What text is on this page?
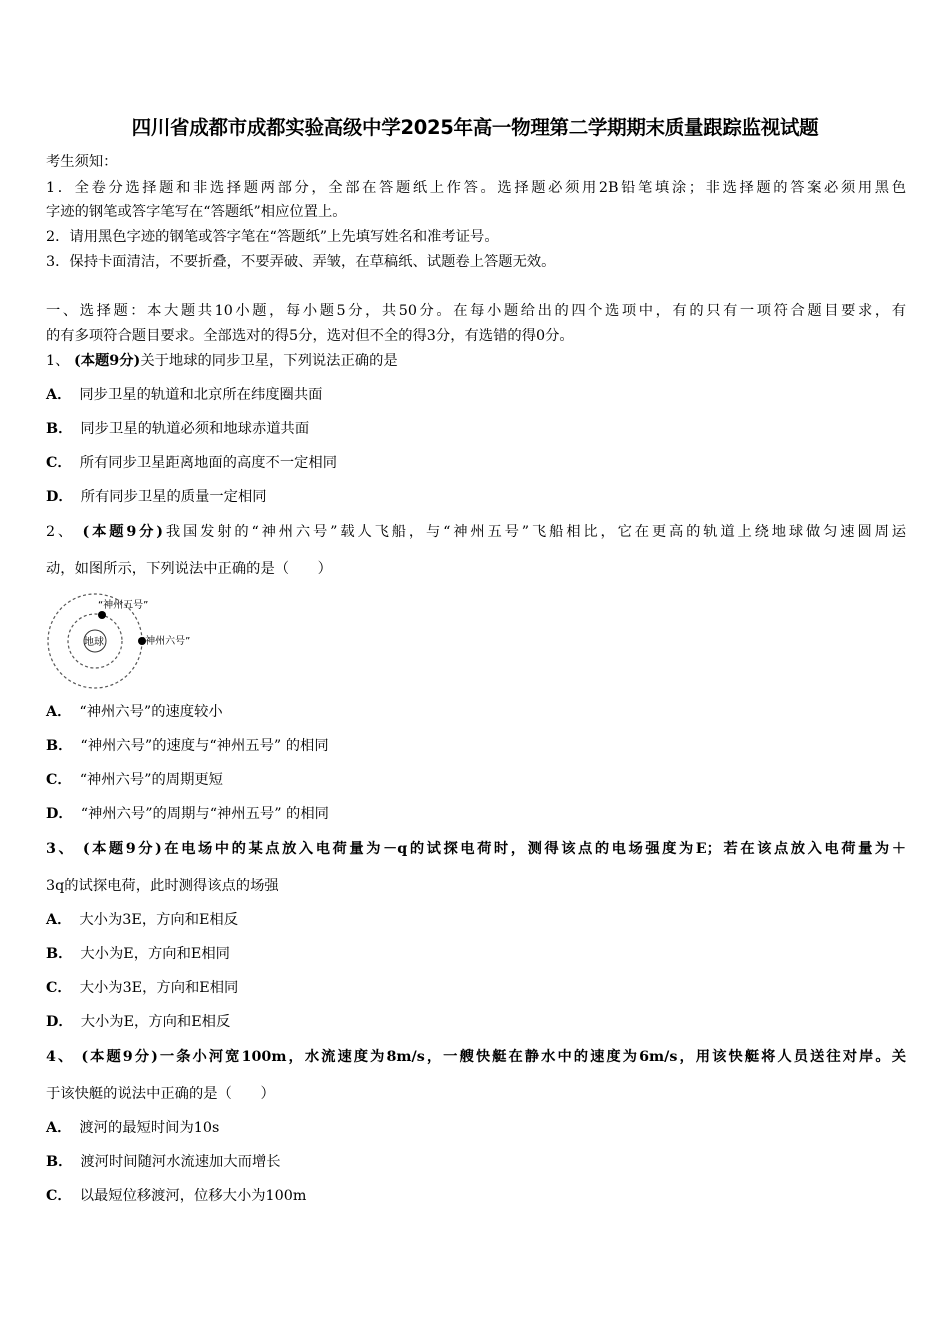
四川省成都市成都实验高级中学2025年高一物理第二学期期末质量跟踪监视试题
考生须知：
1．全卷分选择题和非选择题两部分，全部在答题纸上作答。选择题必须用2B铅笔填涂；非选择题的答案必须用黑色
字迹的钢笔或答字笔写在“答题纸”相应位置上。
2．请用黑色字迹的钢笔或答字笔在“答题纸”上先填写姓名和准考证号。
3．保持卡面清洁，不要折叠，不要弄破、弄皱，在草稿纸、试题卷上答题无效。
一、选择题：本大题共10小题，每小题5分，共50分。在每小题给出的四个选项中，有的只有一项符合题目要求，有
的有多项符合题目要求。全部选对的得5分，选对但不全的得3分，有选错的得0分。
1、 (本题9分)关于地球的同步卫星，下列说法正确的是
A． 同步卫星的轨道和北京所在纬度圈共面
B． 同步卫星的轨道必须和地球赤道共面
C． 所有同步卫星距离地面的高度不一定相同
D． 所有同步卫星的质量一定相同
2、 (本题9分)我国发射的“神州六号”载人飞船，与“神州五号”飞船相比，它在更高的轨道上绕地球做匀速圆周运
动，如图所示，下列说法中正确的是（　　）
地球
“神州五号”
“神州六号”
A． “神州六号”的速度较小
B． “神州六号”的速度与“神州五号” 的相同
C． “神州六号”的周期更短
D． “神州六号”的周期与“神州五号” 的相同
3、 (本题9分)在电场中的某点放入电荷量为－q的试探电荷时，测得该点的电场强度为E；若在该点放入电荷量为＋
3q的试探电荷，此时测得该点的场强
A． 大小为3E，方向和E相反
B． 大小为E，方向和E相同
C． 大小为3E，方向和E相同
D． 大小为E，方向和E相反
4、 (本题9分)一条小河宽100m，水流速度为8m/s，一艘快艇在静水中的速度为6m/s，用该快艇将人员送往对岸。关
于该快艇的说法中正确的是（　　）
A． 渡河的最短时间为10s
B． 渡河时间随河水流速加大而增长
C． 以最短位移渡河，位移大小为100m
